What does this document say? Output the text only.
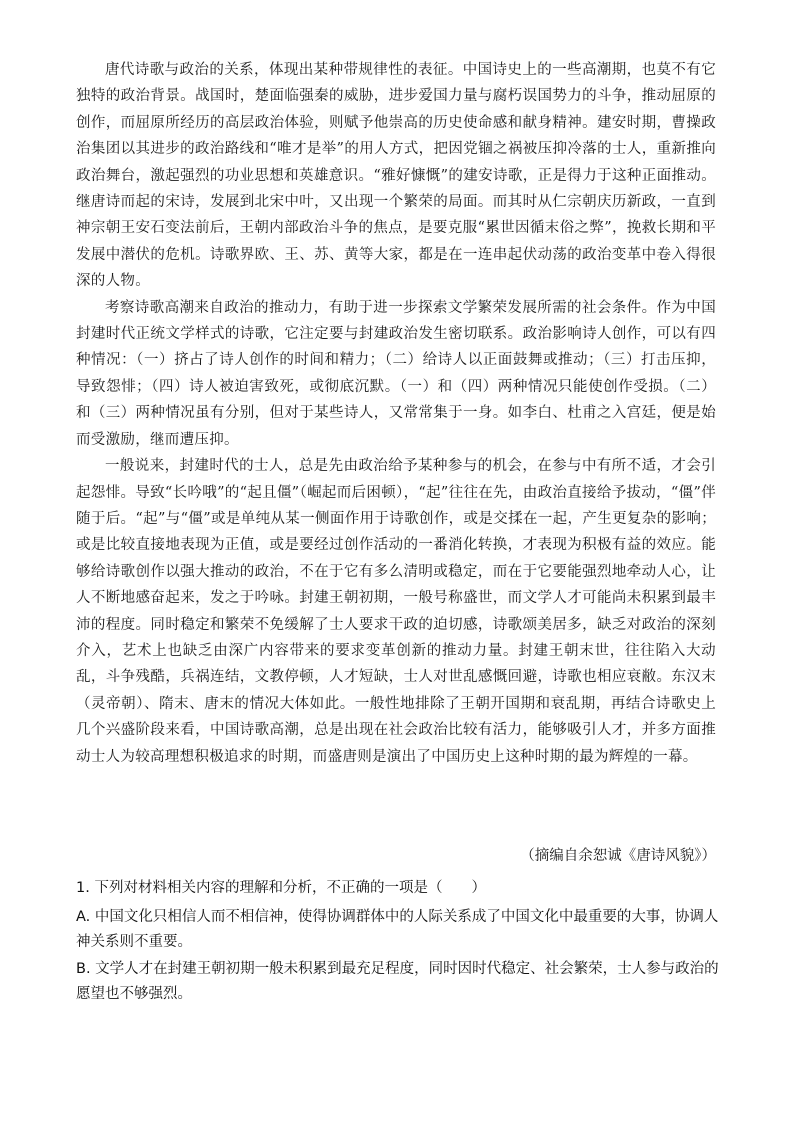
唐代诗歌与政治的关系，体现出某种带规律性的表征。中国诗史上的一些高潮期，也莫不有它独特的政治背景。战国时，楚面临强秦的威胁，进步爱国力量与腐朽误国势力的斗争，推动屈原的创作，而屈原所经历的高层政治体验，则赋予他崇高的历史使命感和献身精神。建安时期，曹操政治集团以其进步的政治路线和“唯才是举”的用人方式，把因党锢之祸被压抑冷落的士人，重新推向政治舞台，激起强烈的功业思想和英雄意识。“雅好慷慨”的建安诗歌，正是得力于这种正面推动。继唐诗而起的宋诗，发展到北宋中叶，又出现一个繁荣的局面。而其时从仁宗朝庆历新政，一直到神宗朝王安石变法前后，王朝内部政治斗争的焦点，是要克服“累世因循末俗之弊”，挽救长期和平发展中潜伏的危机。诗歌界欧、王、苏、黄等大家，都是在一连串起伏动荡的政治变革中卷入得很深的人物。

考察诗歌高潮来自政治的推动力，有助于进一步探索文学繁荣发展所需的社会条件。作为中国封建时代正统文学样式的诗歌，它注定要与封建政治发生密切联系。政治影响诗人创作，可以有四种情况：（一）挤占了诗人创作的时间和精力；（二）给诗人以正面鼓舞或推动；（三）打击压抑，导致怨悱；（四）诗人被迫害致死，或彻底沉默。（一）和（四）两种情况只能使创作受损。（二）和（三）两种情况虽有分别，但对于某些诗人，又常常集于一身。如李白、杜甫之入宫廷，便是始而受激励，继而遭压抑。

一般说来，封建时代的士人，总是先由政治给予某种参与的机会，在参与中有所不适，才会引起怨悱。导致“长吟哦”的“起且僵”（崛起而后困顿），“起”往往在先，由政治直接给予拔动，“僵”伴随于后。“起”与“僵”或是单纯从某一侧面作用于诗歌创作，或是交揉在一起，产生更复杂的影响；或是比较直接地表现为正值，或是要经过创作活动的一番消化转换，才表现为积极有益的效应。能够给诗歌创作以强大推动的政治，不在于它有多么清明或稳定，而在于它要能强烈地牵动人心，让人不断地感奋起来，发之于吟咏。封建王朝初期，一般号称盛世，而文学人才可能尚未积累到最丰沛的程度。同时稳定和繁荣不免缓解了士人要求干政的迫切感，诗歌颂美居多，缺乏对政治的深刻介入，艺术上也缺乏由深广内容带来的要求变革创新的推动力量。封建王朝末世，往往陷入大动乱，斗争残酷，兵祸连结，文教停顿，人才短缺，士人对世乱感慨回避，诗歌也相应衰敝。东汉末（灵帝朝）、隋末、唐末的情况大体如此。一般性地排除了王朝开国期和衰乱期，再结合诗歌史上几个兴盛阶段来看，中国诗歌高潮，总是出现在社会政治比较有活力，能够吸引人才，并多方面推动士人为较高理想积极追求的时期，而盛唐则是演出了中国历史上这种时期的最为辉煌的一幕。

（摘编自余恕诚《唐诗风貌》）

1. 下列对材料相关内容的理解和分析，不正确的一项是（　　）

A. 中国文化只相信人而不相信神，使得协调群体中的人际关系成了中国文化中最重要的大事，协调人神关系则不重要。

B. 文学人才在封建王朝初期一般未积累到最充足程度，同时因时代稳定、社会繁荣，士人参与政治的愿望也不够强烈。
